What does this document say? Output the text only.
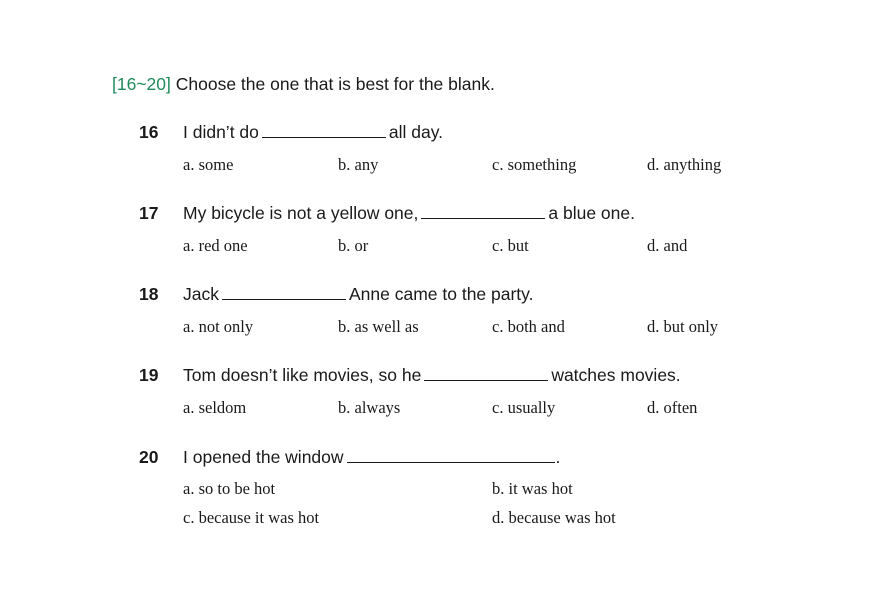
[16~20] Choose the one that is best for the blank.
16 I didn’t do	all day.
a. some	b. any	c. something	d. anything
17 My bicycle is not a yellow one,	a blue one.
a. red one	b. or	c. but	d. and
18 Jack	Anne came to the party.
a. not only	b. as well as	c. both and	d. but only
19 Tom doesn’t like movies, so he	watches movies.
a. seldom	b. always	c. usually	d. often
20 I opened the window	.
a. so to be hot	b. it was hot
c. because it was hot	d. because was hot
